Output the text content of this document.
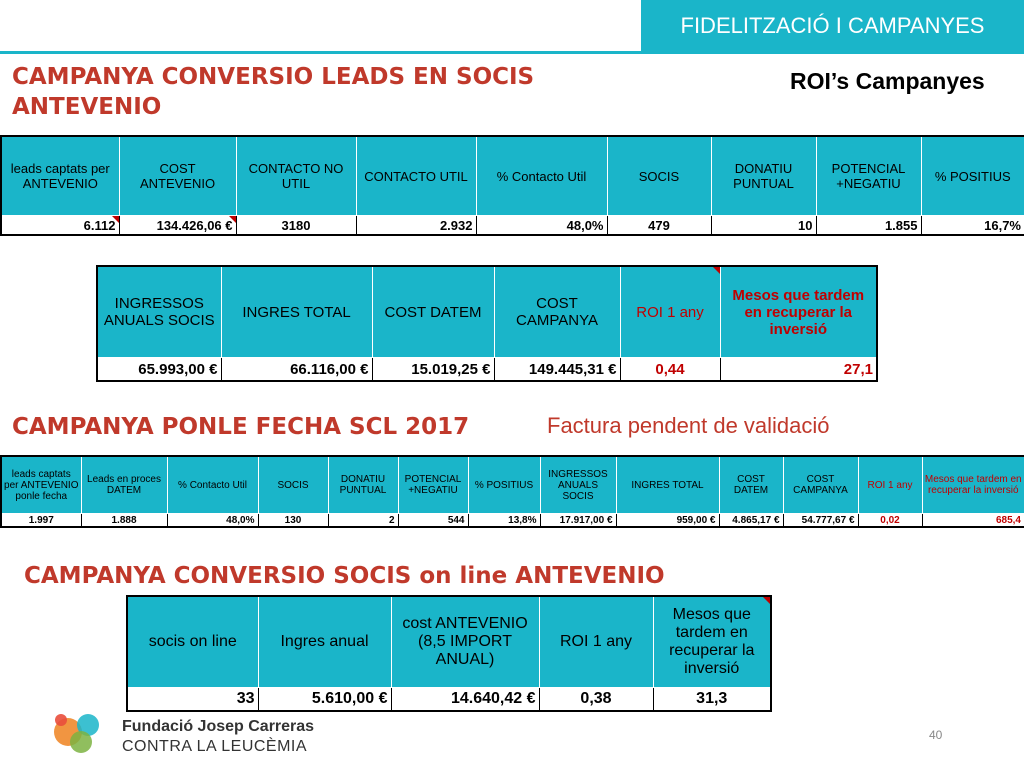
FIDELITZACIÓ I CAMPANYES
CAMPANYA CONVERSIO LEADS EN SOCIS ANTEVENIO
ROI’s Campanyes
leads captats per ANTEVENIO	COST ANTEVENIO	CONTACTO NO UTIL	CONTACTO UTIL	% Contacto Util	SOCIS	DONATIU PUNTUAL	POTENCIAL +NEGATIU	% POSITIUS
6.112	134.426,06 €	3180	2.932	48,0%	479	10	1.855	16,7%
INGRESSOS ANUALS SOCIS	INGRES TOTAL	COST DATEM	COST CAMPANYA	ROI 1 any	Mesos que tardem en recuperar la inversió
65.993,00 €	66.116,00 €	15.019,25 €	149.445,31 €	0,44	27,1
CAMPANYA PONLE FECHA SCL 2017	Factura pendent de validació
leads captats per ANTEVENIO ponle fecha	Leads en proces DATEM	% Contacto Util	SOCIS	DONATIU PUNTUAL	POTENCIAL +NEGATIU	% POSITIUS	INGRESSOS ANUALS SOCIS	INGRES TOTAL	COST DATEM	COST CAMPANYA	ROI 1 any	Mesos que tardem en recuperar la inversió
1.997	1.888	48,0%	130	2	544	13,8%	17.917,00 €	959,00 €	4.865,17 €	54.777,67 €	0,02	685,4
CAMPANYA CONVERSIO SOCIS on line ANTEVENIO
socis on line	Ingres anual	cost ANTEVENIO (8,5 IMPORT ANUAL)	ROI 1 any	Mesos que tardem en recuperar la inversió
33	5.610,00 €	14.640,42 €	0,38	31,3
Fundació Josep Carreras
CONTRA LA LEUCÈMIA
40
